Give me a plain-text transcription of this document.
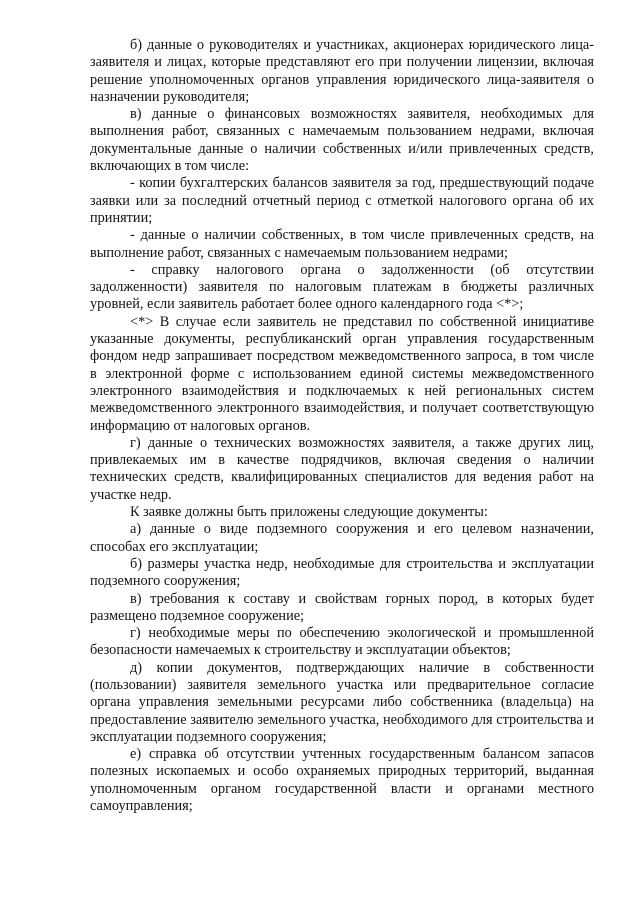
б) данные о руководителях и участниках, акционерах юридического лица-заявителя и лицах, которые представляют его при получении лицензии, включая решение уполномоченных органов управления юридического лица-заявителя о назначении руководителя;

в) данные о финансовых возможностях заявителя, необходимых для выполнения работ, связанных с намечаемым пользованием недрами, включая документальные данные о наличии собственных и/или привлеченных средств, включающих в том числе:

- копии бухгалтерских балансов заявителя за год, предшествующий подаче заявки или за последний отчетный период с отметкой налогового органа об их принятии;

- данные о наличии собственных, в том числе привлеченных средств, на выполнение работ, связанных с намечаемым пользованием недрами;

- справку налогового органа о задолженности (об отсутствии задолженности) заявителя по налоговым платежам в бюджеты различных уровней, если заявитель работает более одного календарного года <*>;

<*> В случае если заявитель не представил по собственной инициативе указанные документы, республиканский орган управления государственным фондом недр запрашивает посредством межведомственного запроса, в том числе в электронной форме с использованием единой системы межведомственного электронного взаимодействия и подключаемых к ней региональных систем межведомственного электронного взаимодействия, и получает соответствующую информацию от налоговых органов.

г) данные о технических возможностях заявителя, а также других лиц, привлекаемых им в качестве подрядчиков, включая сведения о наличии технических средств, квалифицированных специалистов для ведения работ на участке недр.

К заявке должны быть приложены следующие документы:

а) данные о виде подземного сооружения и его целевом назначении, способах его эксплуатации;

б) размеры участка недр, необходимые для строительства и эксплуатации подземного сооружения;

в) требования к составу и свойствам горных пород, в которых будет размещено подземное сооружение;

г) необходимые меры по обеспечению экологической и промышленной безопасности намечаемых к строительству и эксплуатации объектов;

д) копии документов, подтверждающих наличие в собственности (пользовании) заявителя земельного участка или предварительное согласие органа управления земельными ресурсами либо собственника (владельца) на предоставление заявителю земельного участка, необходимого для строительства и эксплуатации подземного сооружения;

е) справка об отсутствии учтенных государственным балансом запасов полезных ископаемых и особо охраняемых природных территорий, выданная уполномоченным органом государственной власти и органами местного самоуправления;
